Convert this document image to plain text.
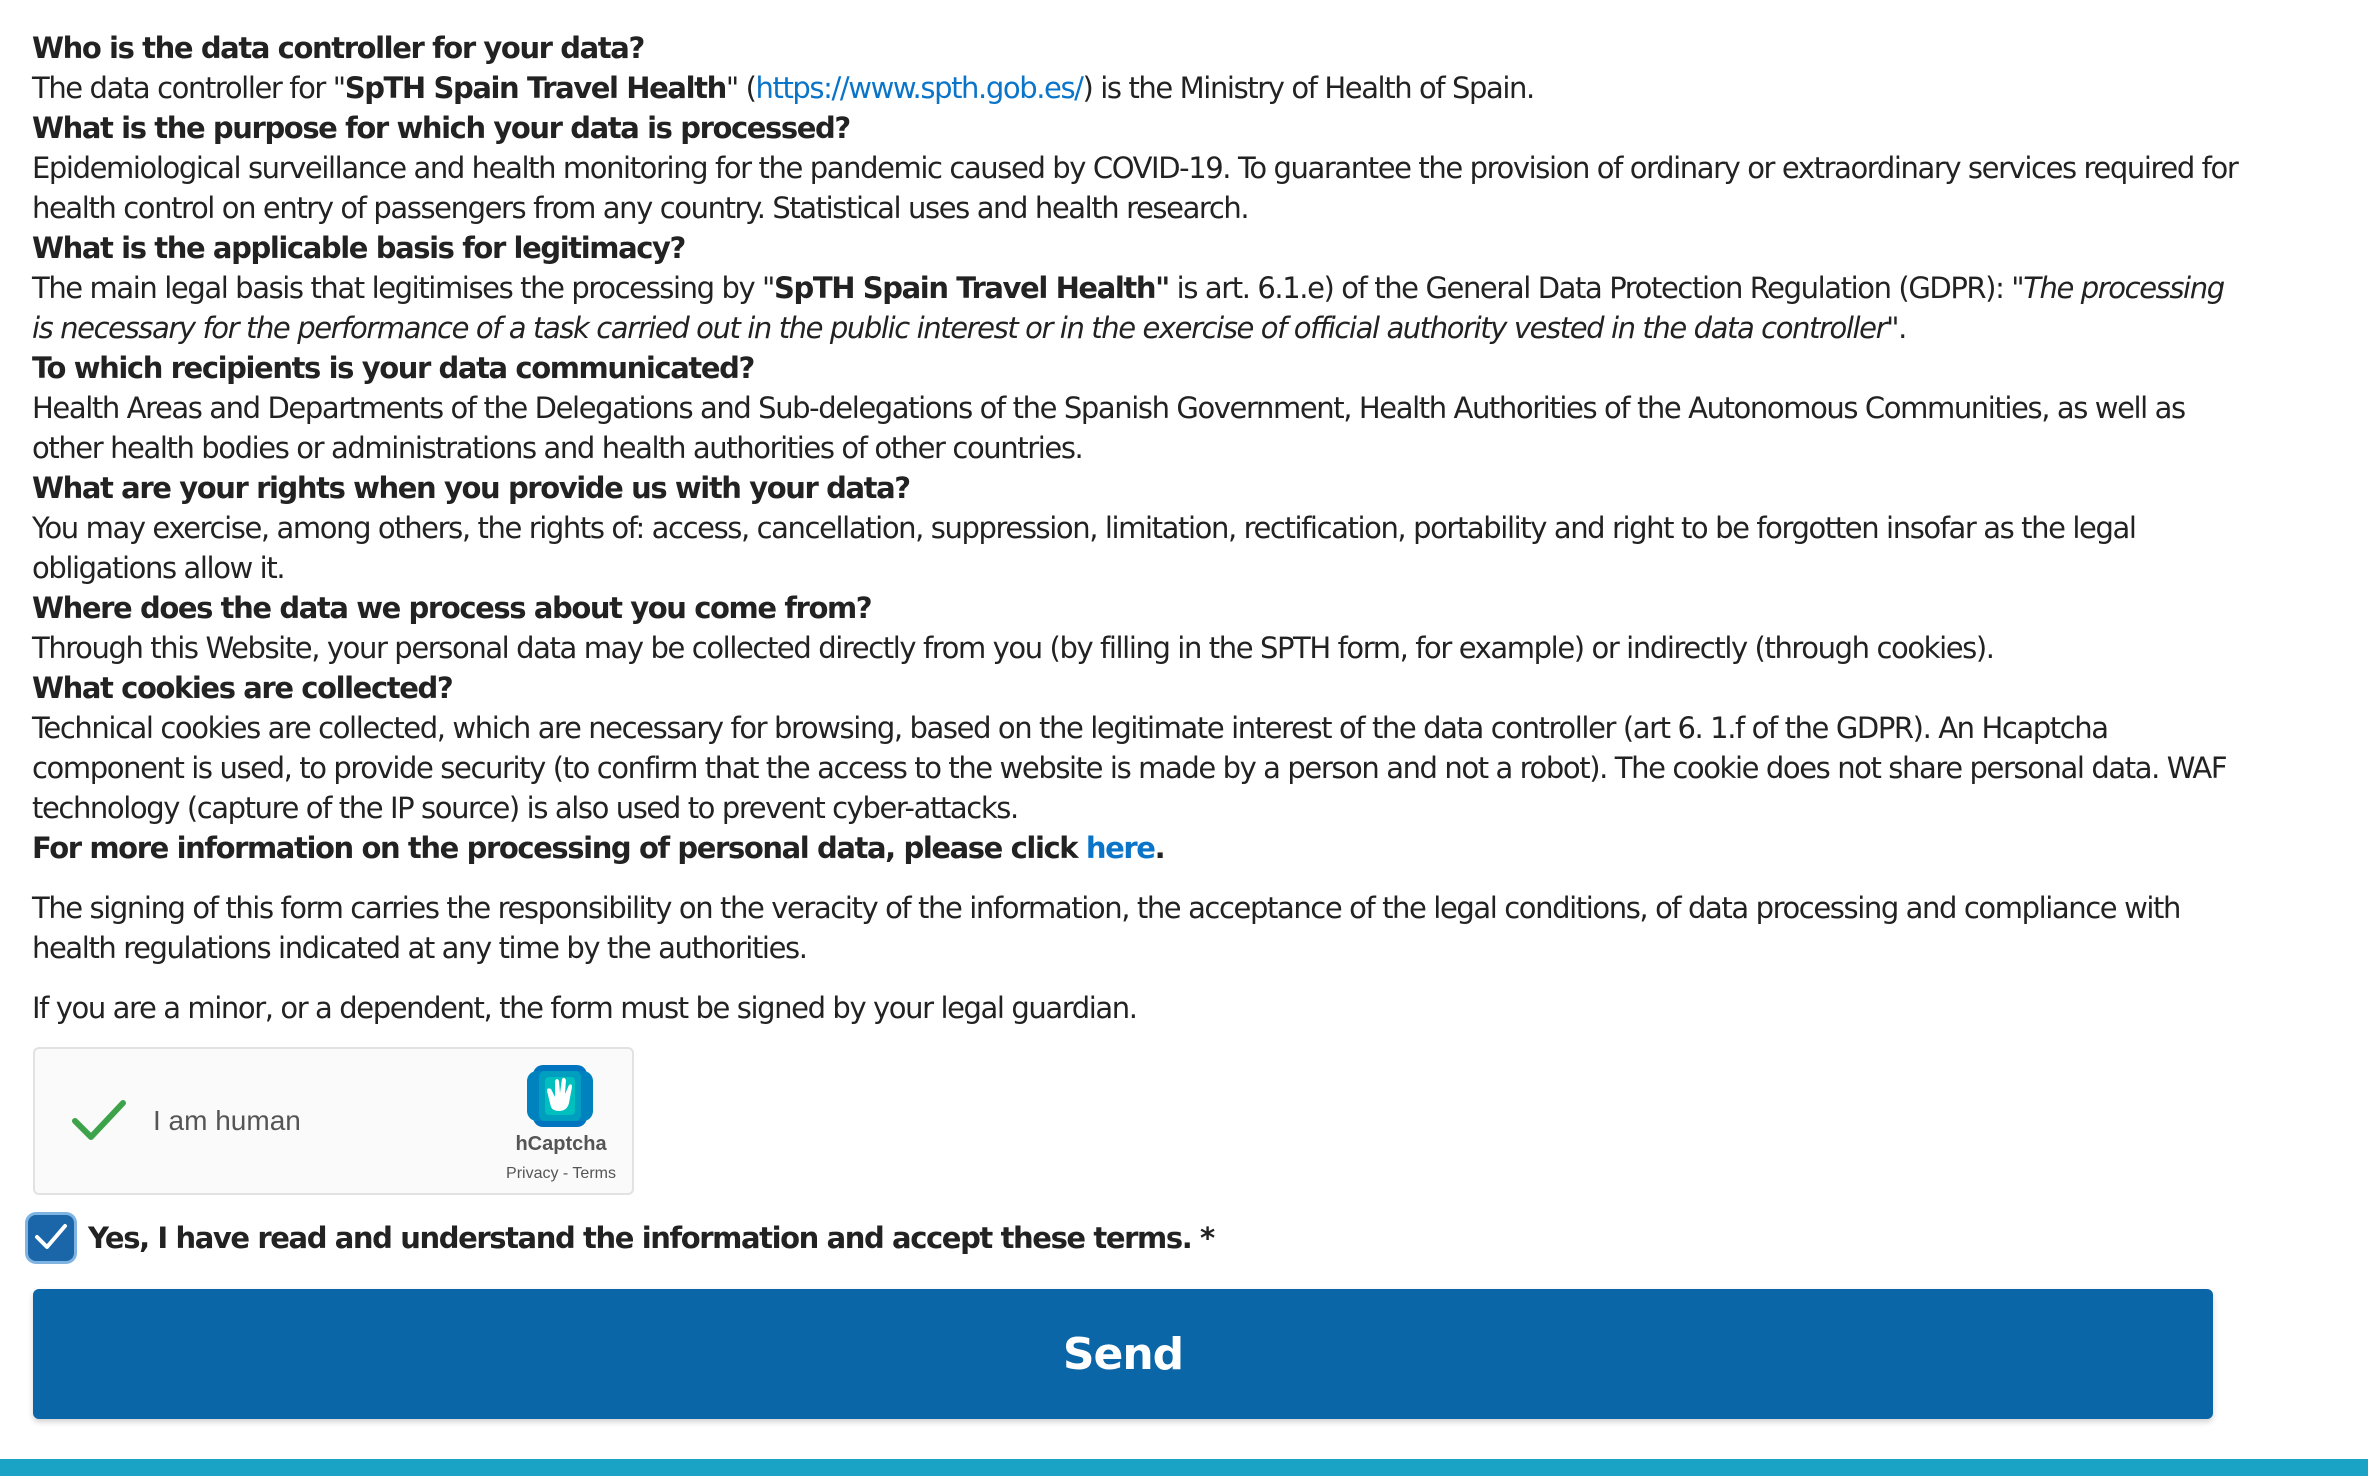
Who is the data controller for your data?

The data controller for "SpTH Spain Travel Health" (https://www.spth.gob.es/) is the Ministry of Health of Spain.

What is the purpose for which your data is processed?

Epidemiological surveillance and health monitoring for the pandemic caused by COVID-19. To guarantee the provision of ordinary or extraordinary services required for health control on entry of passengers from any country. Statistical uses and health research.

What is the applicable basis for legitimacy?

The main legal basis that legitimises the processing by "SpTH Spain Travel Health" is art. 6.1.e) of the General Data Protection Regulation (GDPR): "The processing is necessary for the performance of a task carried out in the public interest or in the exercise of official authority vested in the data controller".

To which recipients is your data communicated?

Health Areas and Departments of the Delegations and Sub-delegations of the Spanish Government, Health Authorities of the Autonomous Communities, as well as other health bodies or administrations and health authorities of other countries.

What are your rights when you provide us with your data?

You may exercise, among others, the rights of: access, cancellation, suppression, limitation, rectification, portability and right to be forgotten insofar as the legal obligations allow it.

Where does the data we process about you come from?

Through this Website, your personal data may be collected directly from you (by filling in the SPTH form, for example) or indirectly (through cookies).

What cookies are collected?

Technical cookies are collected, which are necessary for browsing, based on the legitimate interest of the data controller (art 6. 1.f of the GDPR). An Hcaptcha component is used, to provide security (to confirm that the access to the website is made by a person and not a robot). The cookie does not share personal data. WAF technology (capture of the IP source) is also used to prevent cyber-attacks.

For more information on the processing of personal data, please click here.

The signing of this form carries the responsibility on the veracity of the information, the acceptance of the legal conditions, of data processing and compliance with health regulations indicated at any time by the authorities.

If you are a minor, or a dependent, the form must be signed by your legal guardian.

I am human
hCaptcha
Privacy - Terms
Yes, I have read and understand the information and accept these terms. *
Send
